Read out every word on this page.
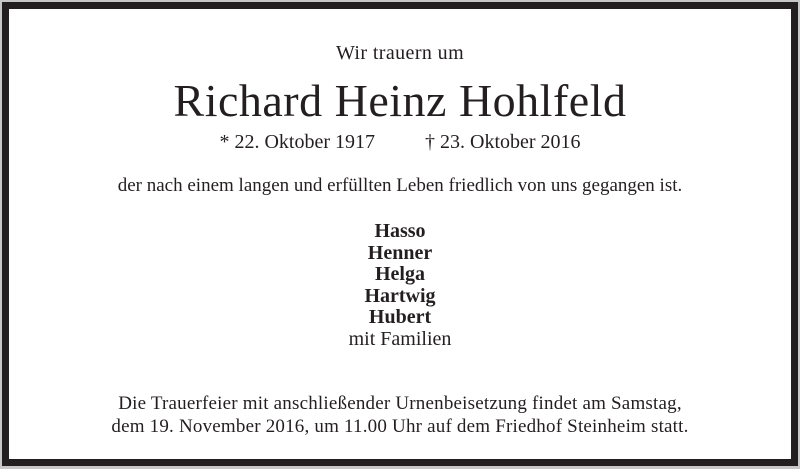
Wir trauern um
Richard Heinz Hohlfeld
* 22. Oktober 1917	† 23. Oktober 2016

der nach einem langen und erfüllten Leben friedlich von uns gegangen ist.

Hasso
Henner
Helga
Hartwig
Hubert
mit Familien

Die Trauerfeier mit anschließender Urnenbeisetzung findet am Samstag,
dem 19. November 2016, um 11.00 Uhr auf dem Friedhof Steinheim statt.
